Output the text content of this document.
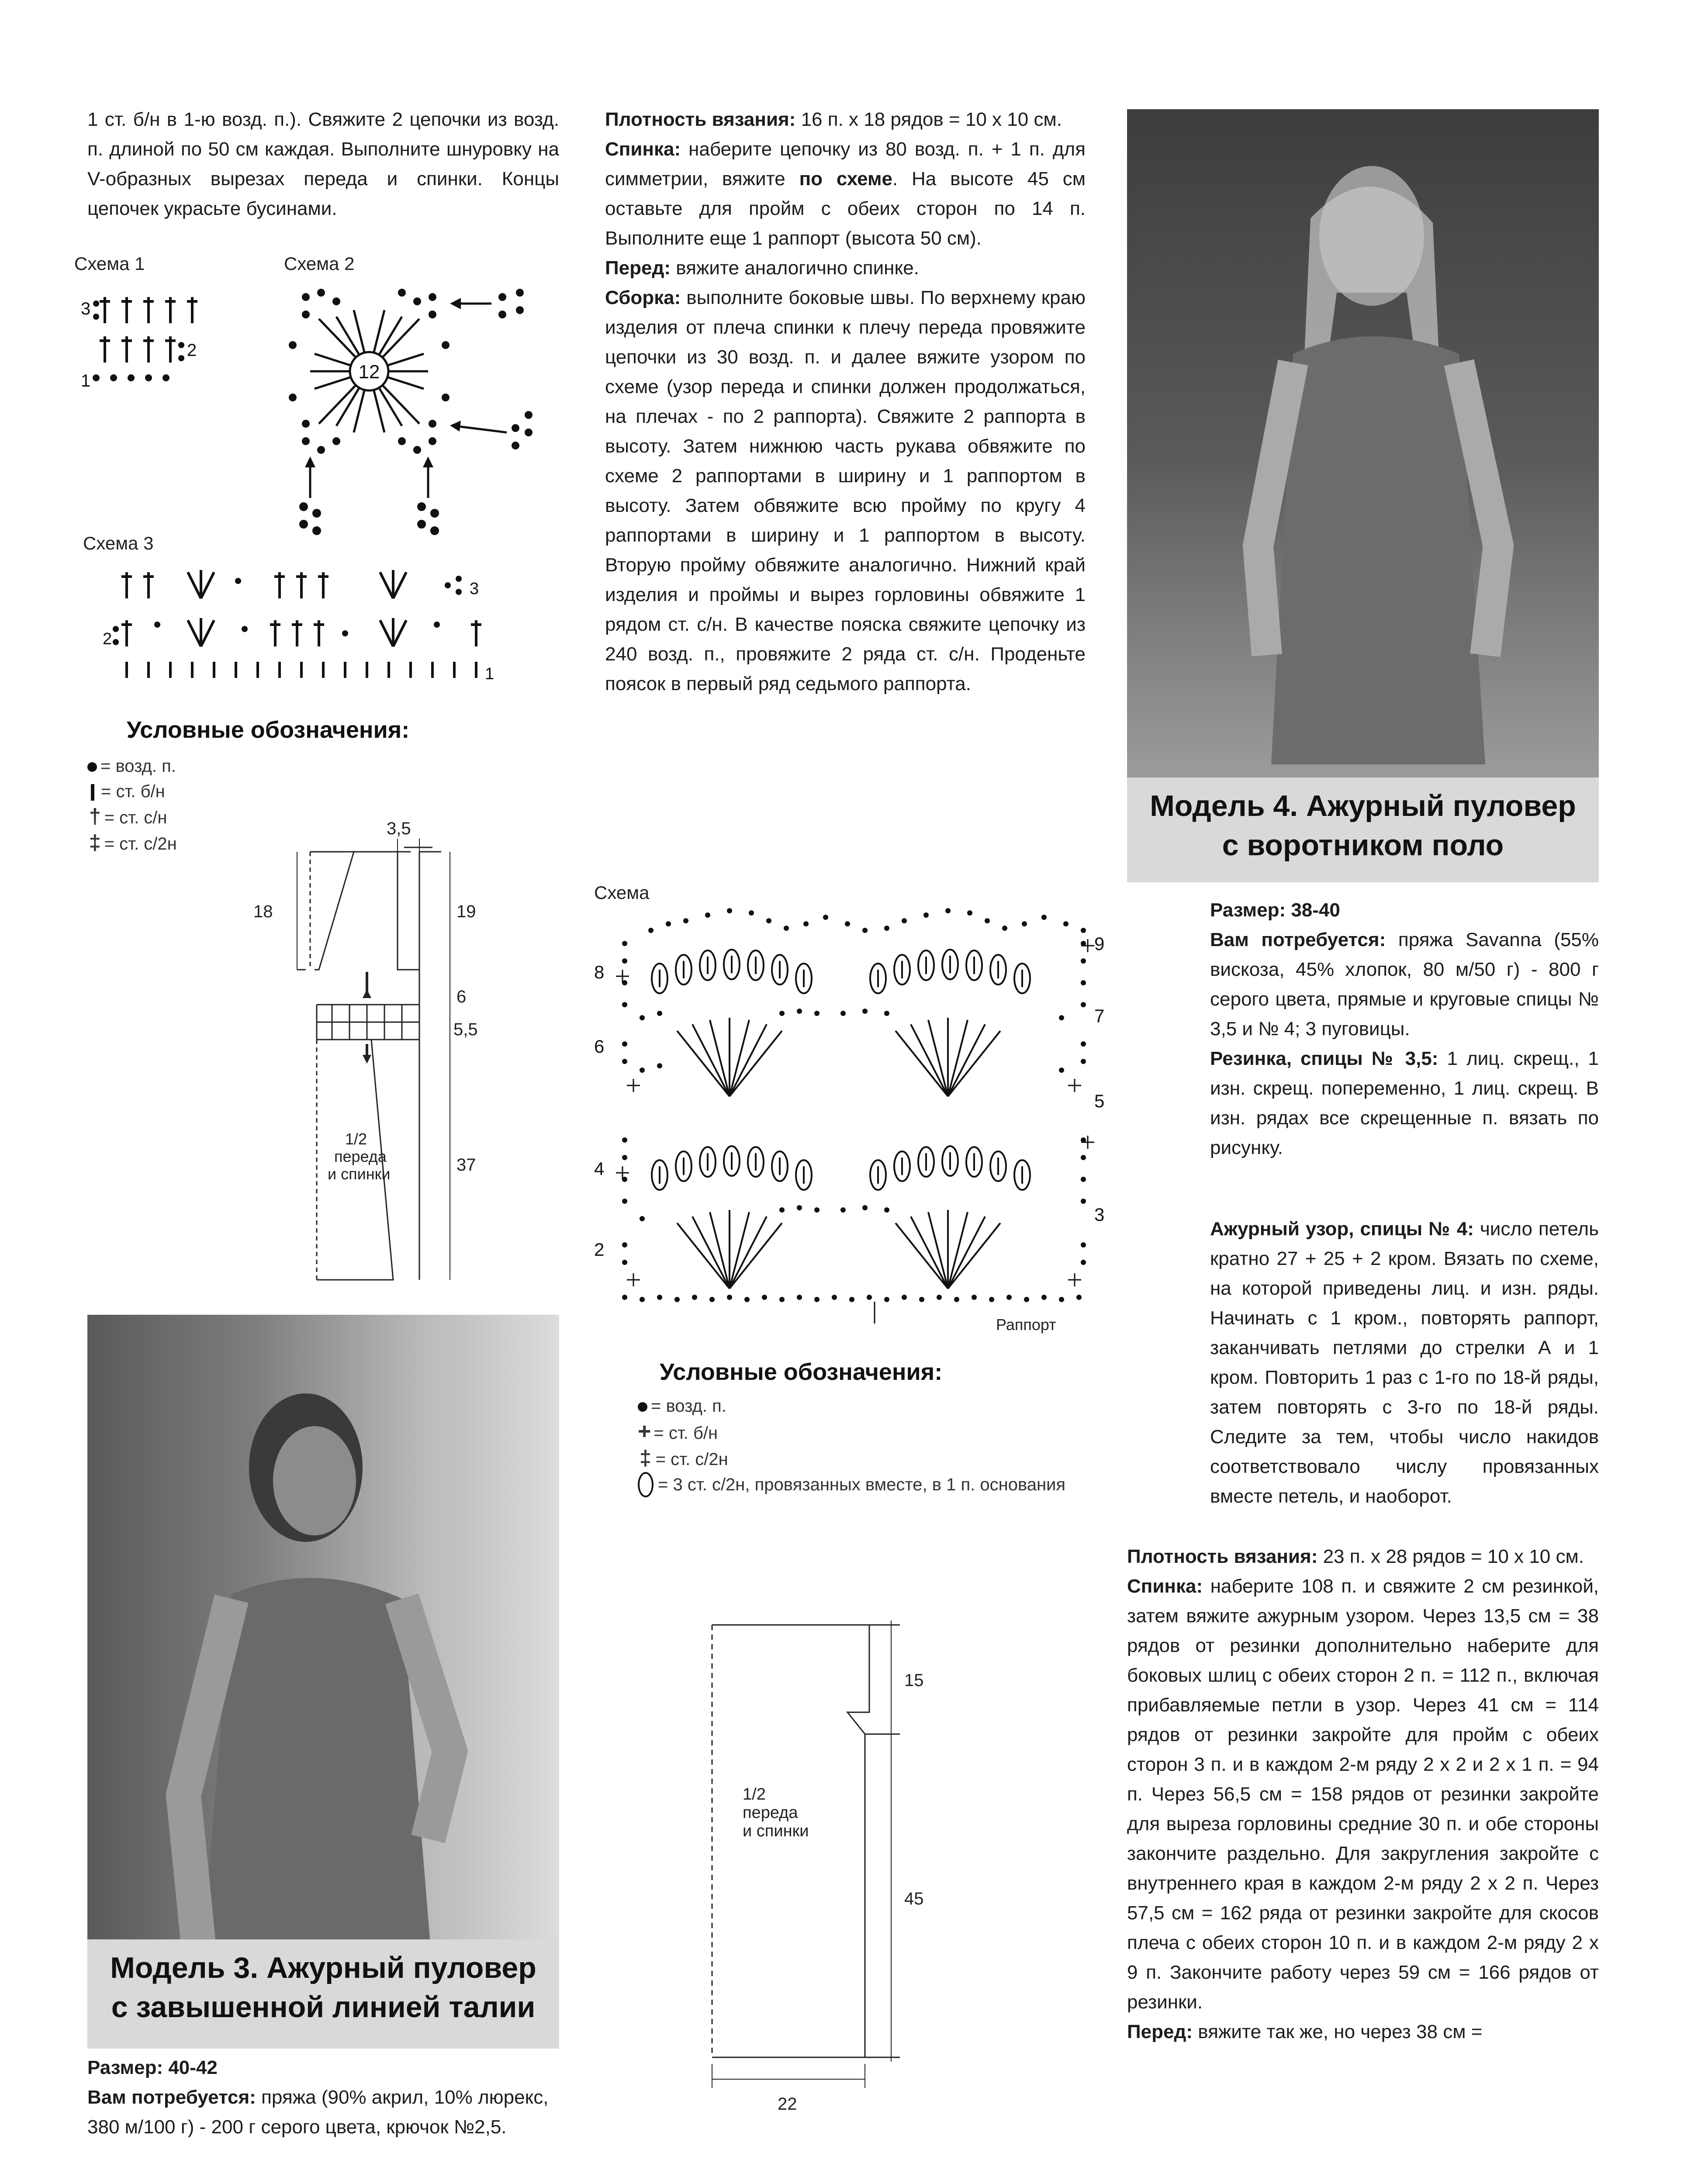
1 ст. б/н в 1-ю возд. п.). Свяжите 2 цепочки из возд. п. длиной по 50 см каждая. Выполните шнуровку на V-образных вырезах переда и спинки. Концы цепочек украсьте бусинами.

Схема 1	Схема 2
3
2
1	12
Схема 3
3
2
1
Условные обозначения:
= возд. п.
= ст. б/н
† = ст. с/н
‡ = ст. с/2н
3,5
18	19
6
5,5
37
1/2 переда и спинки
Модель 3. Ажурный пуловер
с завышенной линией талии

Размер: 40-42

Вам потребуется: пряжа (90% акрил, 10% люрекс, 380 м/100 г) - 200 г серого цвета, крючок №2,5.

Плотность вязания: 16 п. х 18 рядов = 10 х 10 см.

Спинка: наберите цепочку из 80 возд. п. + 1 п. для симметрии, вяжите по схеме. На высоте 45 см оставьте для пройм с обеих сторон по 14 п. Выполните еще 1 раппорт (высота 50 см).

Перед: вяжите аналогично спинке.

Сборка: выполните боковые швы. По верхнему краю изделия от плеча спинки к плечу переда провяжите цепочки из 30 возд. п. и далее вяжите узором по схеме (узор переда и спинки должен продолжаться, на плечах - по 2 раппорта). Свяжите 2 раппорта в высоту. Затем нижнюю часть рукава обвяжите по схеме 2 раппортами в ширину и 1 раппортом в высоту. Затем обвяжите всю пройму по кругу 4 раппортами в ширину и 1 раппортом в высоту. Вторую пройму обвяжите аналогично. Нижний край изделия и проймы и вырез горловины обвяжите 1 рядом ст. с/н. В качестве пояска свяжите цепочку из 240 возд. п., провяжите 2 ряда ст. с/н. Проденьте поясок в первый ряд седьмого раппорта.

Схема
8
6
4
2
9
7
5
3
Раппорт
Условные обозначения:
= возд. п.
+ = ст. б/н
‡ = ст. с/2н
= 3 ст. с/2н, провязанных вместе, в 1 п. основания
15
45
22
1/2 переда и спинки
Модель 4. Ажурный пуловер
с воротником поло

Размер: 38-40

Вам потребуется: пряжа Savanna (55% вискоза, 45% хлопок, 80 м/50 г) - 800 г серого цвета, прямые и круговые спицы № 3,5 и № 4; 3 пуговицы.

Резинка, спицы № 3,5: 1 лиц. скрещ., 1 изн. скрещ. попеременно, 1 лиц. скрещ. В изн. рядах все скрещенные п. вязать по рисунку.

Ажурный узор, спицы № 4: число петель кратно 27 + 25 + 2 кром. Вязать по схеме, на которой приведены лиц. и изн. ряды. Начинать с 1 кром., повторять раппорт, заканчивать петлями до стрелки А и 1 кром. Повторить 1 раз с 1-го по 18-й ряды, затем повторять с 3-го по 18-й ряды. Следите за тем, чтобы число накидов соответствовало числу провязанных вместе петель, и наоборот.

Плотность вязания: 23 п. х 28 рядов = 10 х 10 см.

Спинка: наберите 108 п. и свяжите 2 см резинкой, затем вяжите ажурным узором. Через 13,5 см = 38 рядов от резинки дополнительно наберите для боковых шлиц с обеих сторон 2 п. = 112 п., включая прибавляемые петли в узор. Через 41 см = 114 рядов от резинки закройте для пройм с обеих сторон 3 п. и в каждом 2-м ряду 2 х 2 и 2 х 1 п. = 94 п. Через 56,5 см = 158 рядов от резинки закройте для выреза горловины средние 30 п. и обе стороны закончите раздельно. Для закругления закройте с внутреннего края в каждом 2-м ряду 2 х 2 п. Через 57,5 см = 162 ряда от резинки закройте для скосов плеча с обеих сторон 10 п. и в каждом 2-м ряду 2 х 9 п. Закончите работу через 59 см = 166 рядов от резинки.

Перед: вяжите так же, но через 38 см =
